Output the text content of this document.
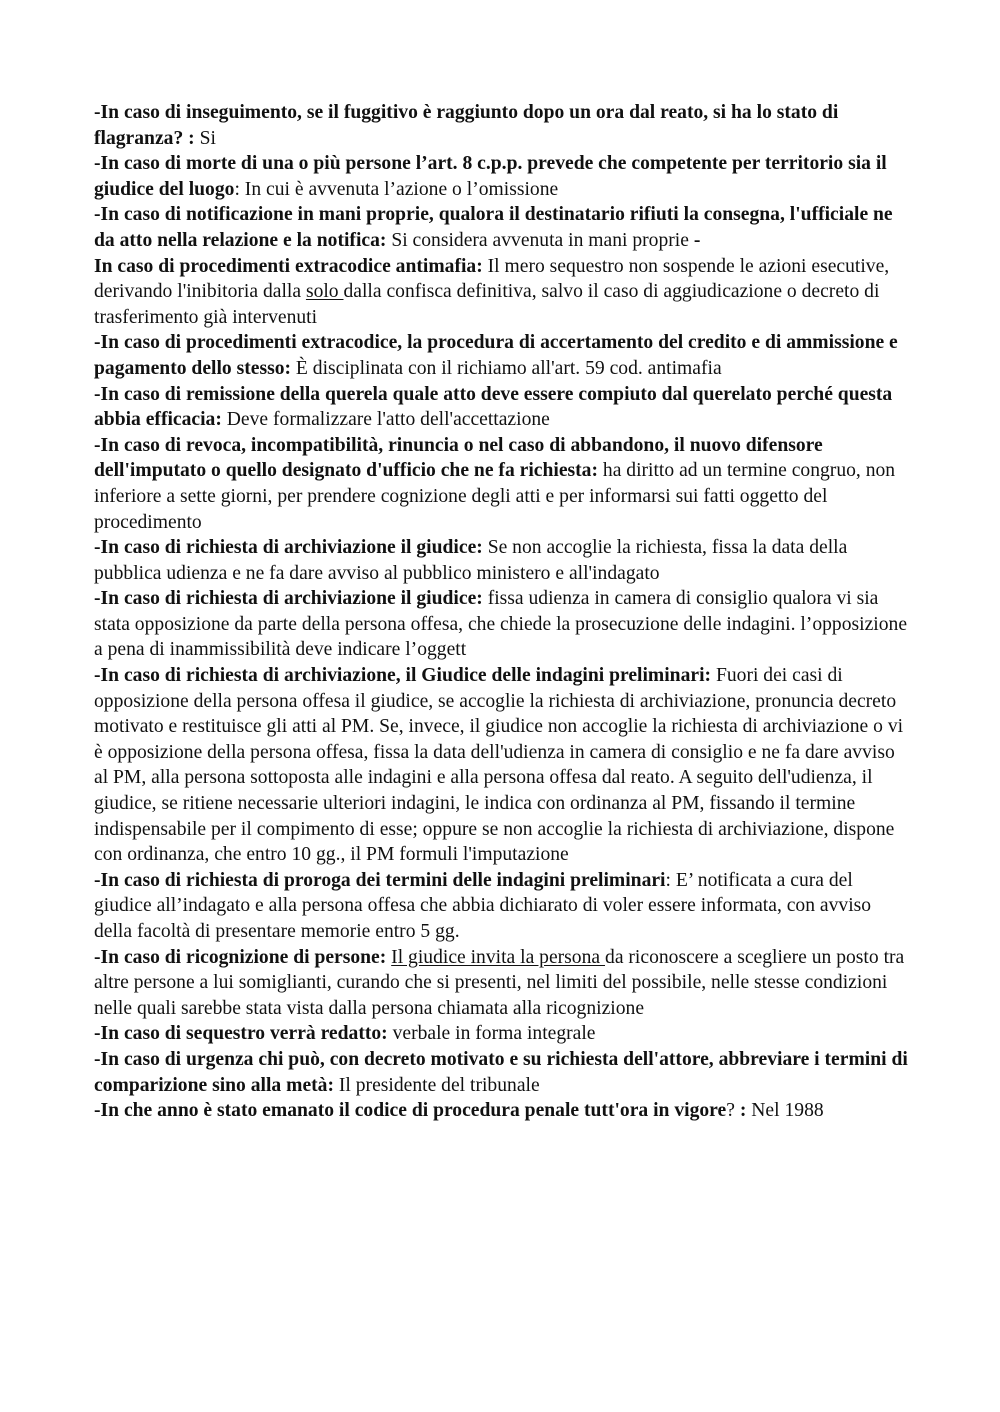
-In caso di inseguimento, se il fuggitivo è raggiunto dopo un ora dal reato, si ha lo stato di flagranza? : Si

-In caso di morte di una o più persone l’art. 8 c.p.p. prevede che competente per territorio sia il giudice del luogo: In cui è avvenuta l’azione o l’omissione

-In caso di notificazione in mani proprie, qualora il destinatario rifiuti la consegna, l'ufficiale ne da atto nella relazione e la notifica: Si considera avvenuta in mani proprie -

In caso di procedimenti extracodice antimafia: Il mero sequestro non sospende le azioni esecutive, derivando l'inibitoria dalla solo dalla confisca definitiva, salvo il caso di aggiudicazione o decreto di trasferimento già intervenuti

-In caso di procedimenti extracodice, la procedura di accertamento del credito e di ammissione e pagamento dello stesso: È disciplinata con il richiamo all'art. 59 cod. antimafia

-In caso di remissione della querela quale atto deve essere compiuto dal querelato perché questa abbia efficacia: Deve formalizzare l'atto dell'accettazione

-In caso di revoca, incompatibilità, rinuncia o nel caso di abbandono, il nuovo difensore dell'imputato o quello designato d'ufficio che ne fa richiesta: ha diritto ad un termine congruo, non inferiore a sette giorni, per prendere cognizione degli atti e per informarsi sui fatti oggetto del procedimento

-In caso di richiesta di archiviazione il giudice: Se non accoglie la richiesta, fissa la data della pubblica udienza e ne fa dare avviso al pubblico ministero e all'indagato

-In caso di richiesta di archiviazione il giudice: fissa udienza in camera di consiglio qualora vi sia stata opposizione da parte della persona offesa, che chiede la prosecuzione delle indagini. l’opposizione a pena di inammissibilità deve indicare l’oggett

-In caso di richiesta di archiviazione, il Giudice delle indagini preliminari: Fuori dei casi di opposizione della persona offesa il giudice, se accoglie la richiesta di archiviazione, pronuncia decreto motivato e restituisce gli atti al PM. Se, invece, il giudice non accoglie la richiesta di archiviazione o vi è opposizione della persona offesa, fissa la data dell'udienza in camera di consiglio e ne fa dare avviso al PM, alla persona sottoposta alle indagini e alla persona offesa dal reato. A seguito dell'udienza, il giudice, se ritiene necessarie ulteriori indagini, le indica con ordinanza al PM, fissando il termine indispensabile per il compimento di esse; oppure se non accoglie la richiesta di archiviazione, dispone con ordinanza, che entro 10 gg., il PM formuli l'imputazione

-In caso di richiesta di proroga dei termini delle indagini preliminari: E’ notificata a cura del giudice all’indagato e alla persona offesa che abbia dichiarato di voler essere informata, con avviso della facoltà di presentare memorie entro 5 gg.

-In caso di ricognizione di persone: Il giudice invita la persona da riconoscere a scegliere un posto tra altre persone a lui somiglianti, curando che si presenti, nel limiti del possibile, nelle stesse condizioni nelle quali sarebbe stata vista dalla persona chiamata alla ricognizione

-In caso di sequestro verrà redatto: verbale in forma integrale

-In caso di urgenza chi può, con decreto motivato e su richiesta dell'attore, abbreviare i termini di comparizione sino alla metà: Il presidente del tribunale

-In che anno è stato emanato il codice di procedura penale tutt'ora in vigore? : Nel 1988
